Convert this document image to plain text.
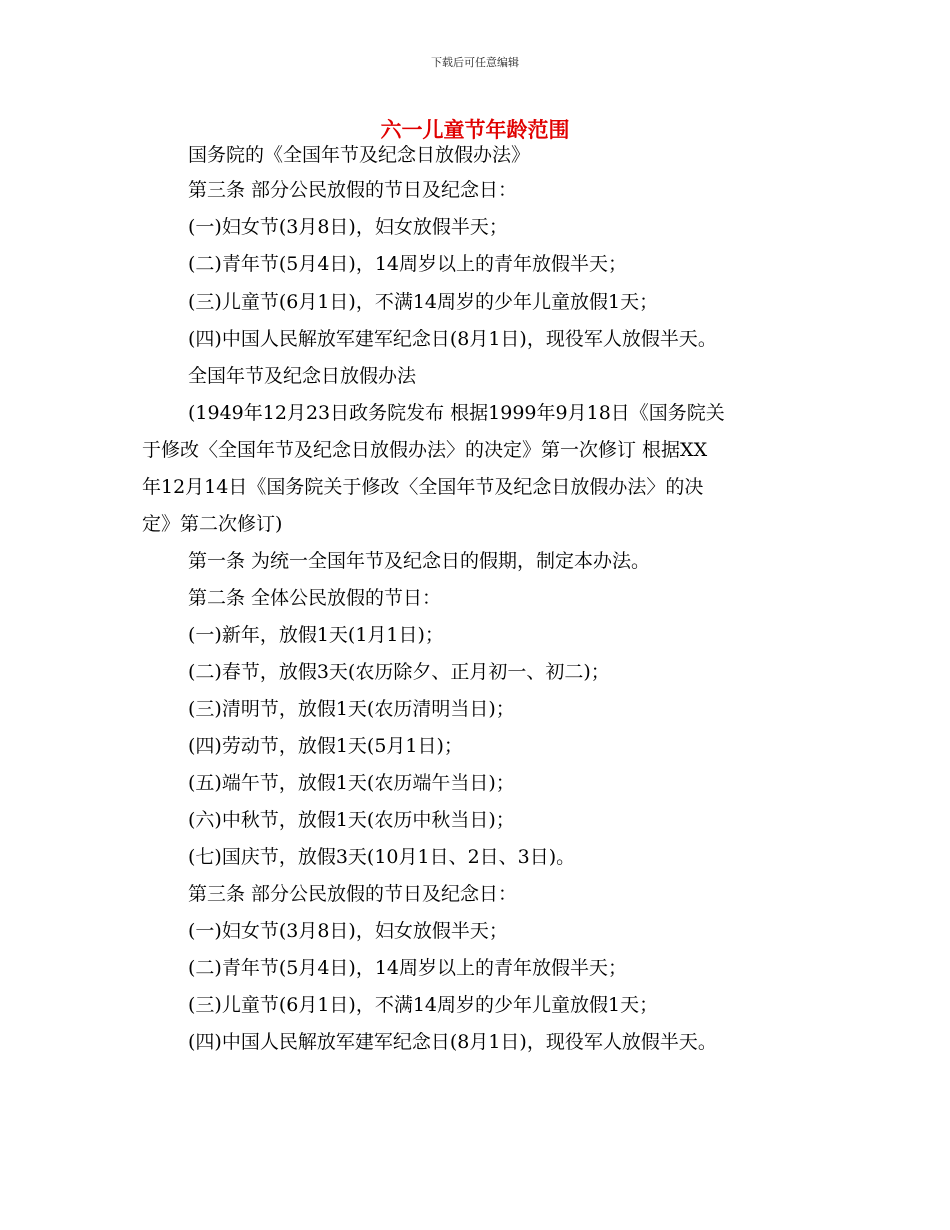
下载后可任意编辑
六一儿童节年龄范围
国务院的《全国年节及纪念日放假办法》
第三条 部分公民放假的节日及纪念日：
(一)妇女节(3月8日)，妇女放假半天；
(二)青年节(5月4日)，14周岁以上的青年放假半天；
(三)儿童节(6月1日)，不满14周岁的少年儿童放假1天；
(四)中国人民解放军建军纪念日(8月1日)，现役军人放假半天。
全国年节及纪念日放假办法
(1949年12月23日政务院发布 根据1999年9月18日《国务院关
于修改〈全国年节及纪念日放假办法〉的决定》第一次修订 根据XX
年12月14日《国务院关于修改〈全国年节及纪念日放假办法〉的决
定》第二次修订)
第一条 为统一全国年节及纪念日的假期，制定本办法。
第二条 全体公民放假的节日：
(一)新年，放假1天(1月1日)；
(二)春节，放假3天(农历除夕、正月初一、初二)；
(三)清明节，放假1天(农历清明当日)；
(四)劳动节，放假1天(5月1日)；
(五)端午节，放假1天(农历端午当日)；
(六)中秋节，放假1天(农历中秋当日)；
(七)国庆节，放假3天(10月1日、2日、3日)。
第三条 部分公民放假的节日及纪念日：
(一)妇女节(3月8日)，妇女放假半天；
(二)青年节(5月4日)，14周岁以上的青年放假半天；
(三)儿童节(6月1日)，不满14周岁的少年儿童放假1天；
(四)中国人民解放军建军纪念日(8月1日)，现役军人放假半天。
